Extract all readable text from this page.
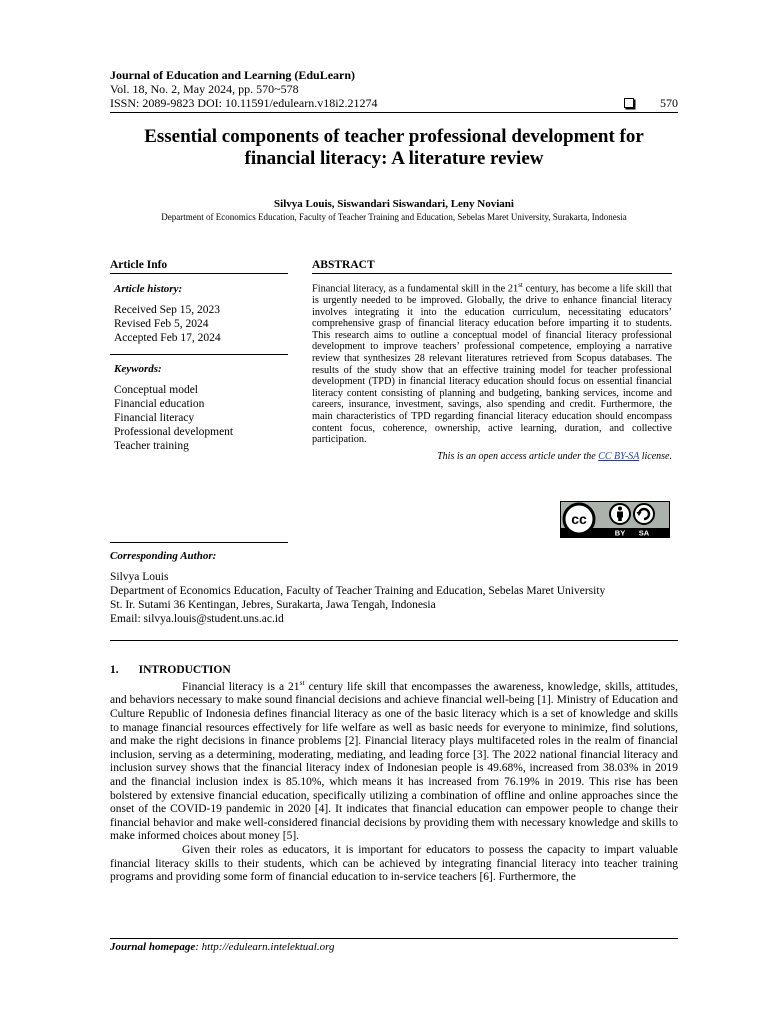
Journal of Education and Learning (EduLearn)
Vol. 18, No. 2, May 2024, pp. 570~578
ISSN: 2089-9823 DOI: 10.11591/edulearn.v18i2.21274	570
Essential components of teacher professional development for financial literacy: A literature review
Silvya Louis, Siswandari Siswandari, Leny Noviani
Department of Economics Education, Faculty of Teacher Training and Education, Sebelas Maret University, Surakarta, Indonesia
Article Info
Article history:
Received Sep 15, 2023
Revised Feb 5, 2024
Accepted Feb 17, 2024
Keywords:
Conceptual model
Financial education
Financial literacy
Professional development
Teacher training
ABSTRACT
Financial literacy, as a fundamental skill in the 21st century, has become a life skill that is urgently needed to be improved. Globally, the drive to enhance financial literacy involves integrating it into the education curriculum, necessitating educators’ comprehensive grasp of financial literacy education before imparting it to students. This research aims to outline a conceptual model of financial literacy professional development to improve teachers’ professional competence, employing a narrative review that synthesizes 28 relevant literatures retrieved from Scopus databases. The results of the study show that an effective training model for teacher professional development (TPD) in financial literacy education should focus on essential financial literacy content consisting of planning and budgeting, banking services, income and careers, insurance, investment, savings, also spending and credit. Furthermore, the main characteristics of TPD regarding financial literacy education should encompass content focus, coherence, ownership, active learning, duration, and collective participation.
This is an open access article under the CC BY-SA license.
cc
BY SA
Corresponding Author:
Silvya Louis
Department of Economics Education, Faculty of Teacher Training and Education, Sebelas Maret University
St. Ir. Sutami 36 Kentingan, Jebres, Surakarta, Jawa Tengah, Indonesia
Email: silvya.louis@student.uns.ac.id
1. INTRODUCTION

Financial literacy is a 21st century life skill that encompasses the awareness, knowledge, skills, attitudes, and behaviors necessary to make sound financial decisions and achieve financial well-being [1]. Ministry of Education and Culture Republic of Indonesia defines financial literacy as one of the basic literacy which is a set of knowledge and skills to manage financial resources effectively for life welfare as well as basic needs for everyone to minimize, find solutions, and make the right decisions in finance problems [2]. Financial literacy plays multifaceted roles in the realm of financial inclusion, serving as a determining, moderating, mediating, and leading force [3]. The 2022 national financial literacy and inclusion survey shows that the financial literacy index of Indonesian people is 49.68%, increased from 38.03% in 2019 and the financial inclusion index is 85.10%, which means it has increased from 76.19% in 2019. This rise has been bolstered by extensive financial education, specifically utilizing a combination of offline and online approaches since the onset of the COVID-19 pandemic in 2020 [4]. It indicates that financial education can empower people to change their financial behavior and make well-considered financial decisions by providing them with necessary knowledge and skills to make informed choices about money [5].

Given their roles as educators, it is important for educators to possess the capacity to impart valuable financial literacy skills to their students, which can be achieved by integrating financial literacy into teacher training programs and providing some form of financial education to in-service teachers [6]. Furthermore, the

Journal homepage: http://edulearn.intelektual.org
